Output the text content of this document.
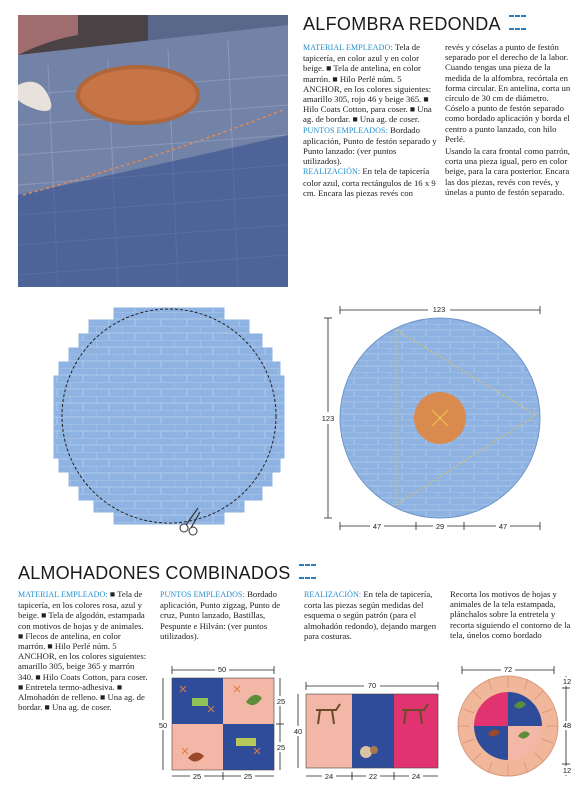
ALFOMBRA REDONDA

MATERIAL EMPLEADO: Tela de tapicería, en color azul y en color beige. ■ Tela de antelina, en color marrón. ■ Hilo Perlé núm. 5 ANCHOR, en los colores siguientes: amarillo 305, rojo 46 y beige 365. ■ Hilo Coats Cotton, para coser. ■ Una ag. de bordar. ■ Una ag. de coser.

PUNTOS EMPLEADOS: Bordado aplicación, Punto de festón separado y Punto lanzado: (ver puntos utilizados).

REALIZACIÓN: En tela de tapicería color azul, corta rectángulos de 16 x 9 cm. Encara las piezas revés con

revés y cóselas a punto de festón separado por el derecho de la labor. Cuando tengas una pieza de la medida de la alfombra, recórtala en forma circular. En antelina, corta un círculo de 30 cm de diámetro. Cóselo a punto de festón separado como bordado aplicación y borda el centro a punto lanzado, con hilo Perlé.

Usando la cara frontal como patrón, corta una pieza igual, pero en color beige, para la cara posterior. Encara las dos piezas, revés con revés, y únelas a punto de festón separado.

123
123
47	29	47
ALMOHADONES COMBINADOS

MATERIAL EMPLEADO: ■ Tela de tapicería, en los colores rosa, azul y beige. ■ Tela de algodón, estampada con motivos de hojas y de animales. ■ Flecos de antelina, en color marrón. ■ Hilo Perlé núm. 5 ANCHOR, en los colores siguientes: amarillo 305, beige 365 y marrón 340. ■ Hilo Coats Cotton, para coser. ■ Entretela termo-adhesiva. ■ Almohadón de relleno. ■ Una ag. de bordar. ■ Una ag. de coser.

PUNTOS EMPLEADOS: Bordado aplicación, Punto zigzag, Punto de cruz, Punto lanzado, Bastillas, Pespunte e Hilván: (ver puntos utilizados).

REALIZACIÓN: En tela de tapicería, corta las piezas según medidas del esquema o según patrón (para el almohadón redondo), dejando margen para costuras.

Recorta los motivos de hojas y animales de la tela estampada, plánchalos sobre la entretela y recorta siguiendo el contorno de la tela, únelos como bordado

50
50
25
25
25	25
70
40
24	22	24
72
12
48
12
